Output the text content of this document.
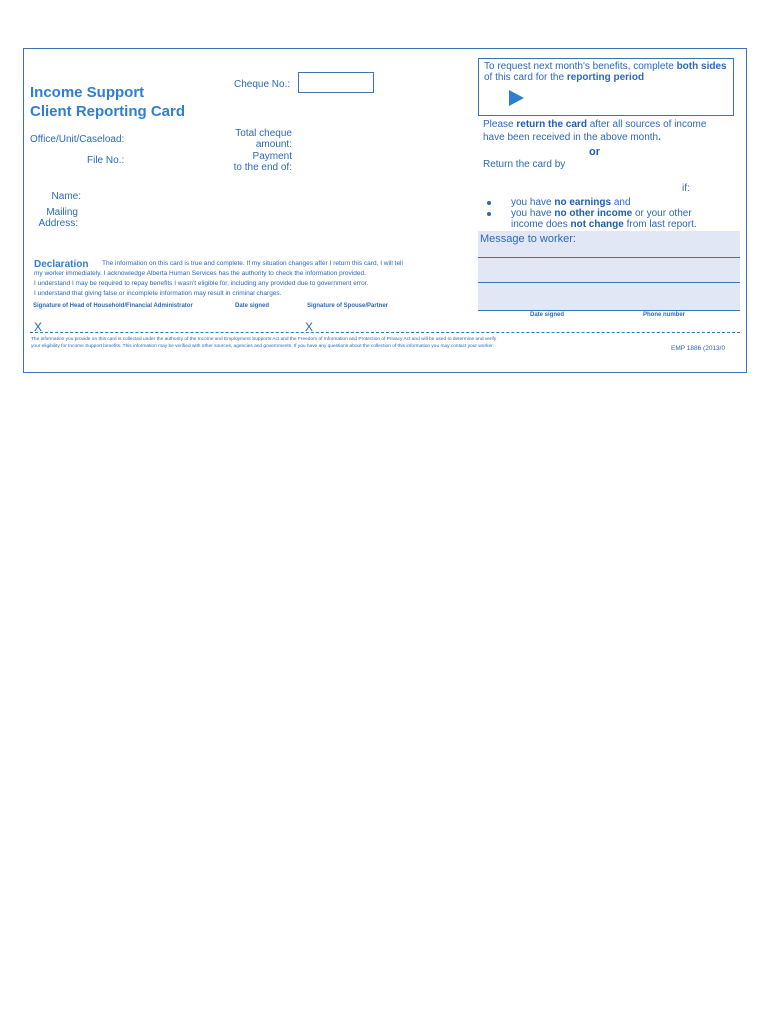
Income Support
Client Reporting Card
Cheque No.:
Office/Unit/Caseload:
File No.:
Total cheque
amount:
Payment
to the end of:
Name:
Mailing
Address:
To request next month's benefits, complete both sides
of this card for the reporting period
Please return the card after all sources of income
have been received in the above month.
or
Return the card by
if:
you have no earnings and
you have no other income or your other
income does not change from last report.
Message to worker:
Declaration The information on this card is true and complete. If my situation changes after I return this card, I will tell
my worker immediately. I acknowledge Alberta Human Services has the authority to check the information provided.
I understand I may be required to repay benefits I wasn't eligible for, including any provided due to government error.
I understand that giving false or incomplete information may result in criminal charges.
Signature of Head of Household/Financial Administrator	Date signed	Signature of Spouse/Partner
Date signed	Phone number
X	X
The information you provide on this card is collected under the authority of the Income and Employment Supports Act and the Freedom of Information and Protection of Privacy Act and will be used to determine and verify
your eligibility for Income Support benefits. This information may be verified with other sources, agencies and governments. If you have any questions about the collection of this information you may contact your worker.	EMP 1886 (2013/0
